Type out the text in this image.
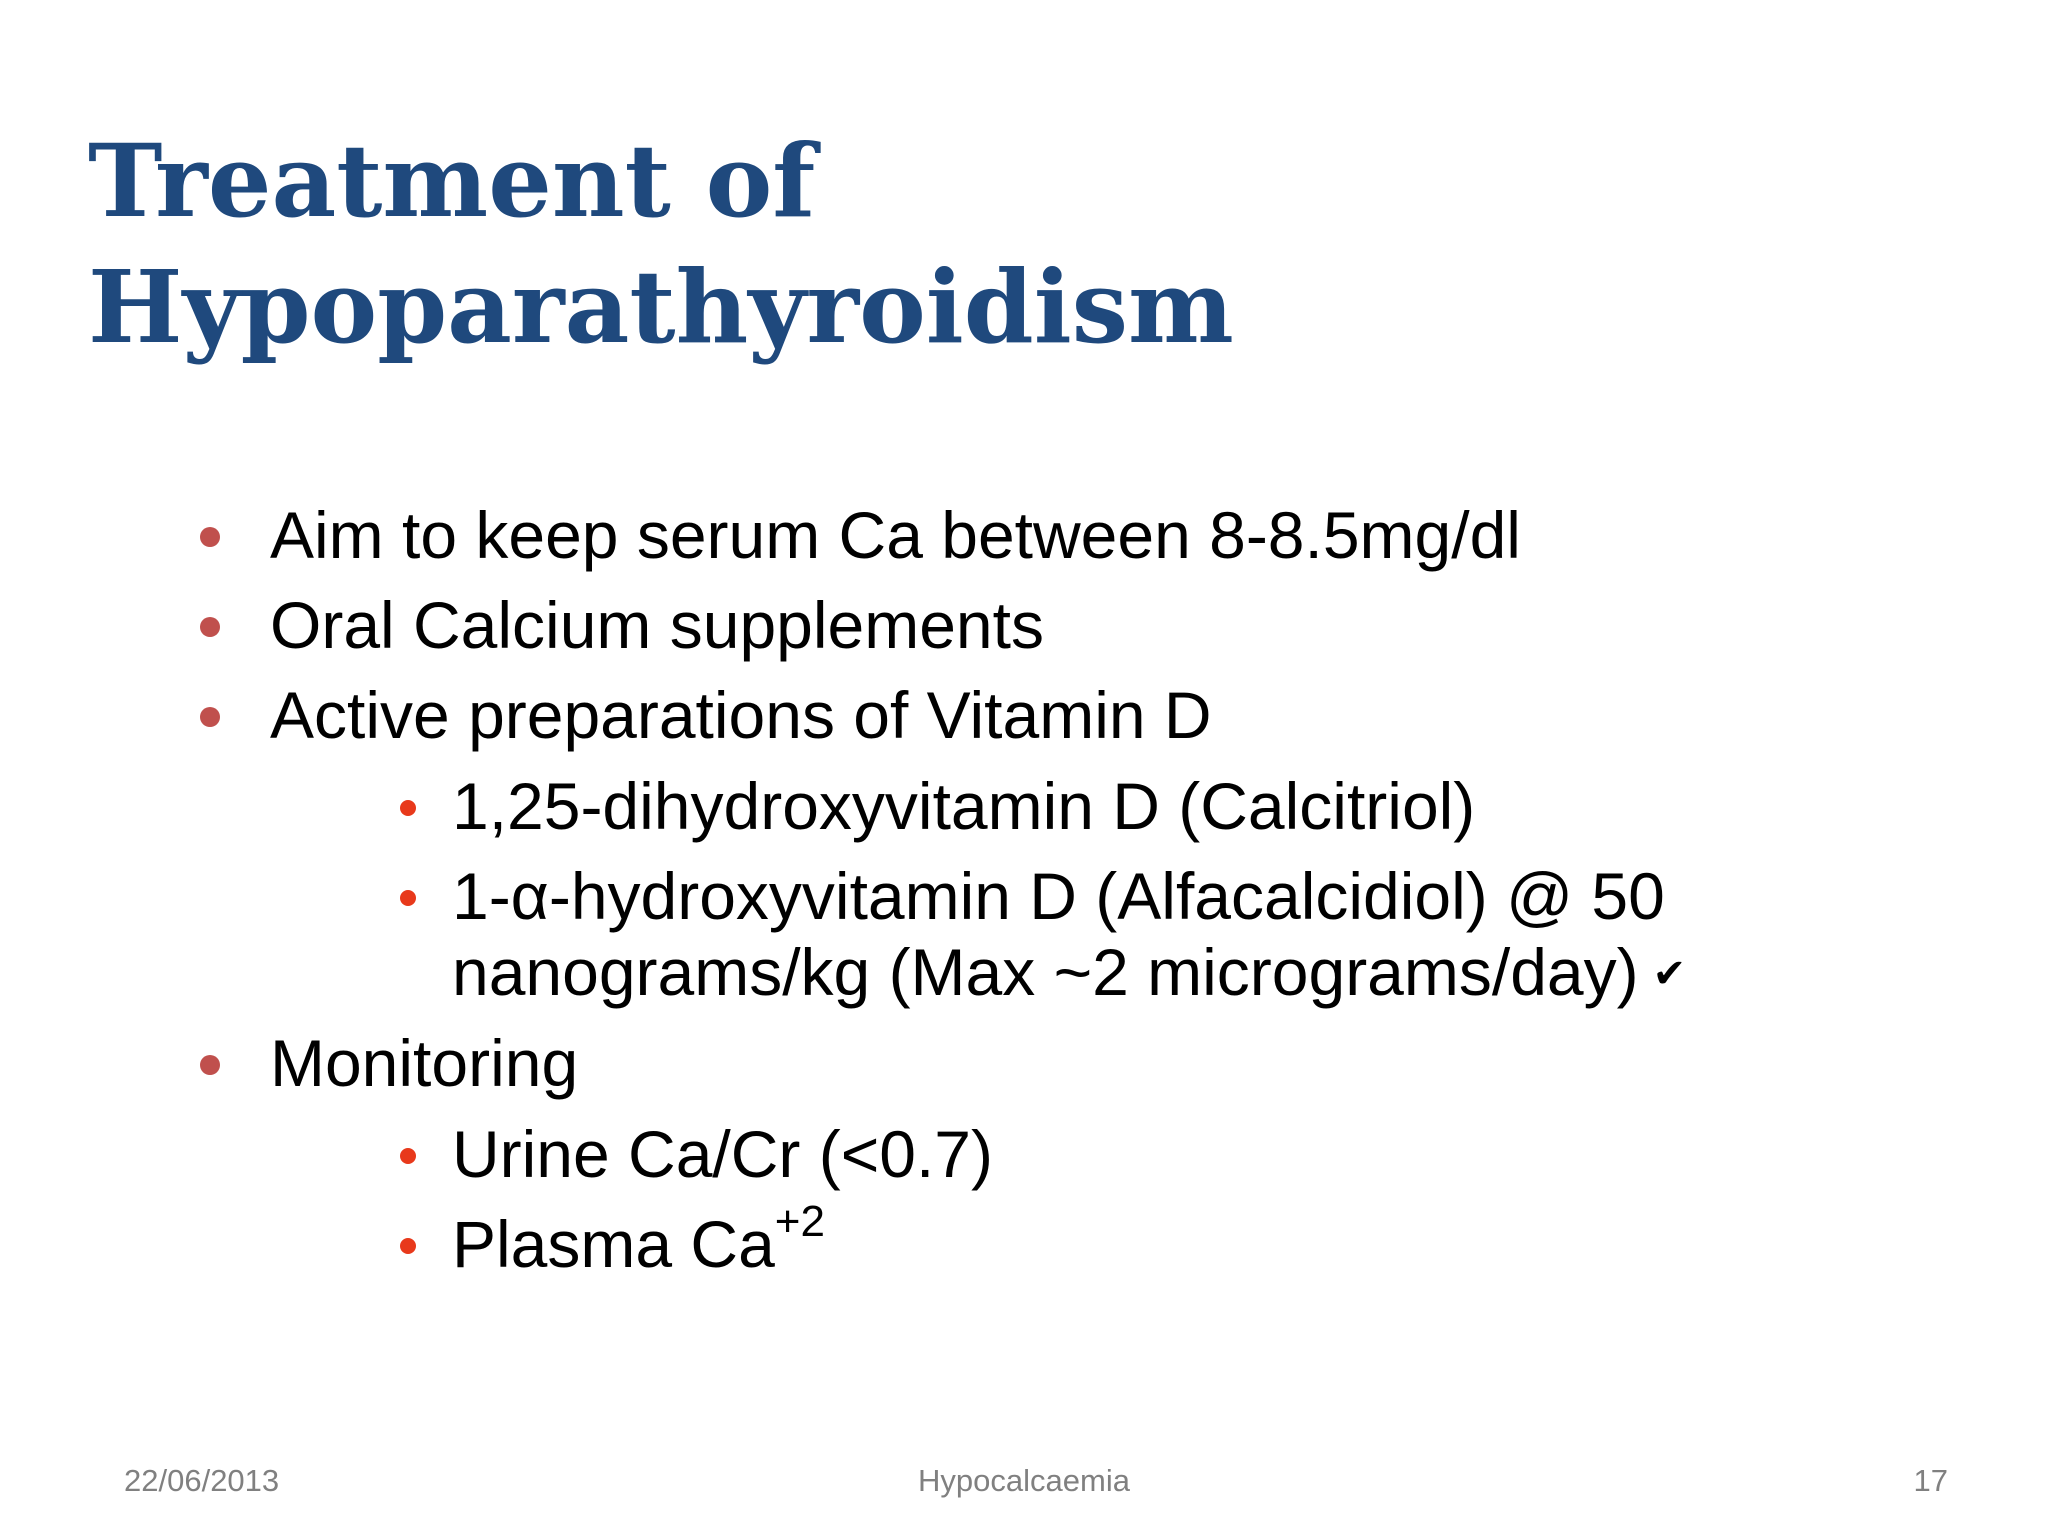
Treatment of
Hypoparathyroidism
Aim to keep serum Ca between 8-8.5mg/dl
Oral Calcium supplements
Active preparations of Vitamin D
1,25-dihydroxyvitamin D (Calcitriol)
1-α-hydroxyvitamin D (Alfacalcidiol) @ 50
nanograms/kg (Max ~2 micrograms/day) ✔
Monitoring
Urine Ca/Cr (<0.7)
Plasma $Ca^{+2}$
22/06/2013	Hypocalcaemia	17
